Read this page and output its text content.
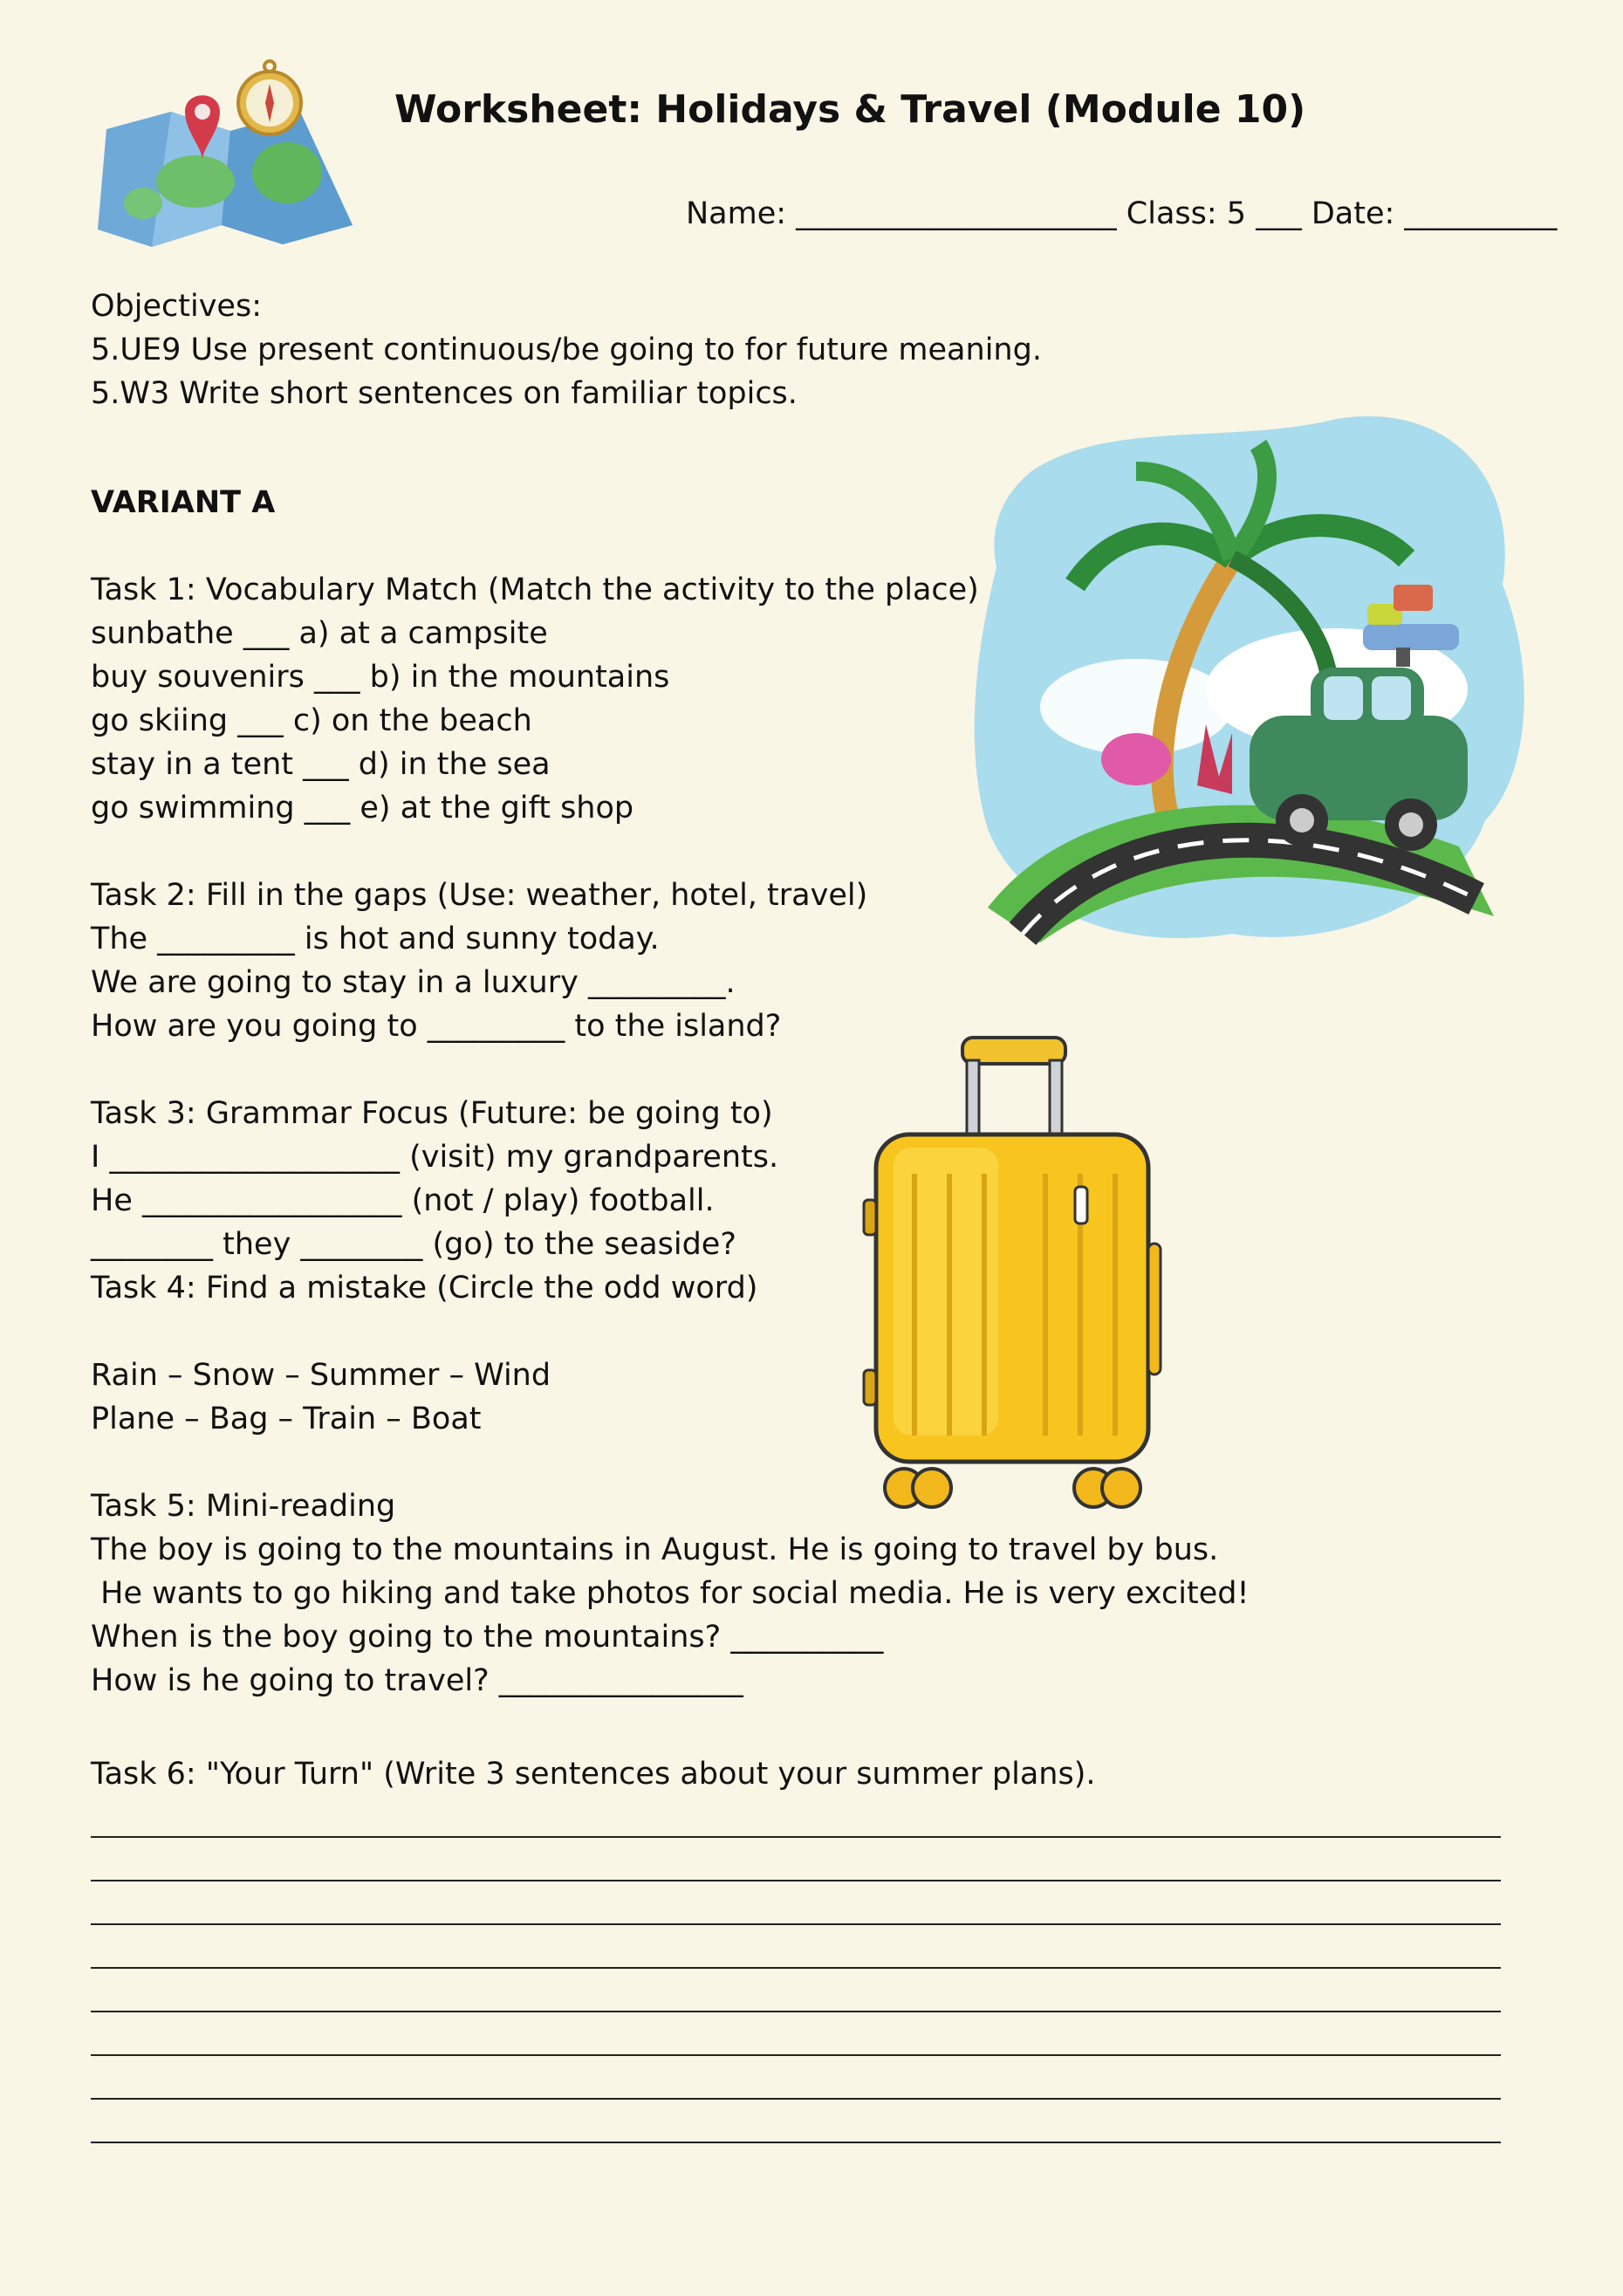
Worksheet: Holidays & Travel (Module 10)
Name: _____________________ Class: 5 ___ Date: __________
Objectives:
5.UE9 Use present continuous/be going to for future meaning.
5.W3 Write short sentences on familiar topics.
VARIANT A
Task 1: Vocabulary Match (Match the activity to the place)
sunbathe ___ a) at a campsite
buy souvenirs ___ b) in the mountains
go skiing ___ c) on the beach
stay in a tent ___ d) in the sea
go swimming ___ e) at the gift shop
Task 2: Fill in the gaps (Use: weather, hotel, travel)
The _________ is hot and sunny today.
We are going to stay in a luxury _________.
How are you going to _________ to the island?
Task 3: Grammar Focus (Future: be going to)
I ___________________ (visit) my grandparents.
He _________________ (not / play) football.
________ they ________ (go) to the seaside?
Task 4: Find a mistake (Circle the odd word)
Rain – Snow – Summer – Wind
Plane – Bag – Train – Boat
Task 5: Mini-reading
The boy is going to the mountains in August. He is going to travel by bus.
He wants to go hiking and take photos for social media. He is very excited!
When is the boy going to the mountains? __________
How is he going to travel? ________________
Task 6: "Your Turn" (Write 3 sentences about your summer plans).
